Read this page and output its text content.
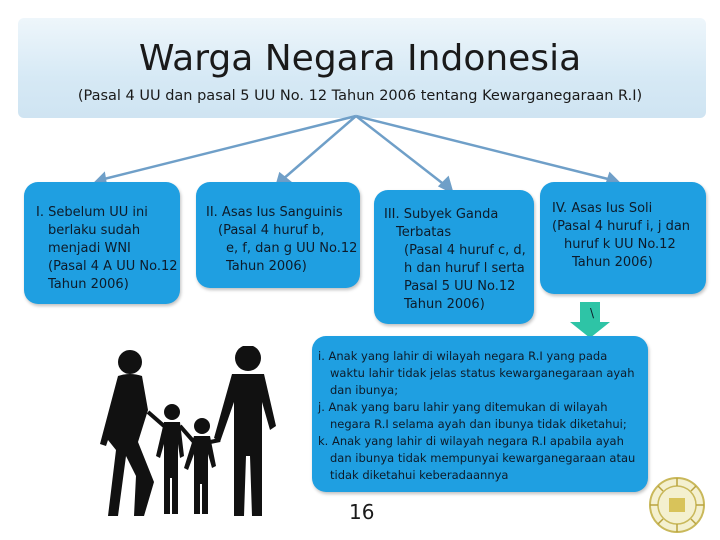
Warga Negara Indonesia
(Pasal 4 UU dan pasal 5 UU No. 12 Tahun 2006 tentang Kewarganegaraan R.I)
I. Sebelum UU ini
berlaku sudah
menjadi WNI
(Pasal 4 A UU No.12
Tahun 2006)
II. Asas Ius Sanguinis
(Pasal 4 huruf b,
e, f, dan g UU No.12
Tahun 2006)
III. Subyek Ganda
Terbatas
(Pasal 4 huruf c, d,
h dan huruf l serta
Pasal 5 UU No.12
Tahun 2006)
IV. Asas Ius Soli
(Pasal 4 huruf i, j dan
huruf k UU No.12
Tahun 2006)
\
i. Anak yang lahir di wilayah negara R.I yang pada
waktu lahir tidak jelas status kewarganegaraan ayah
dan ibunya;
j. Anak yang baru lahir yang ditemukan di wilayah
negara R.I selama ayah dan ibunya tidak diketahui;
k. Anak yang lahir di wilayah negara R.I apabila ayah
dan ibunya tidak mempunyai kewarganegaraan atau
tidak diketahui keberadaannya
16
